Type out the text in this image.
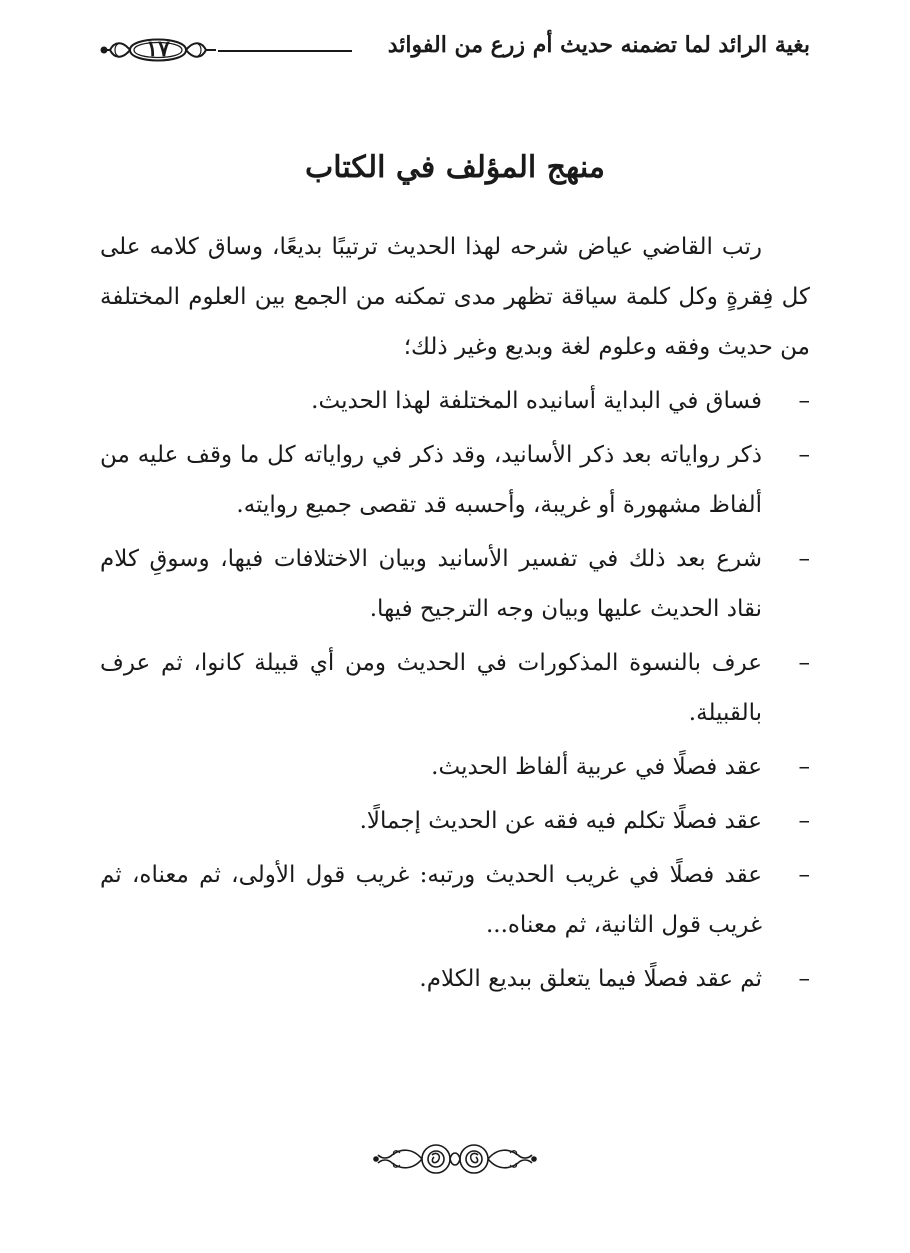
بغية الرائد لما تضمنه حديث أم زرع من الفوائد
١٧
منهج المؤلف في الكتاب

رتب القاضي عياض شرحه لهذا الحديث ترتيبًا بديعًا، وساق كلامه على كل فِقرةٍ وكل كلمة سياقة تظهر مدى تمكنه من الجمع بين العلوم المختلفة من حديث وفقه وعلوم لغة وبديع وغير ذلك؛

–
فساق في البداية أسانيده المختلفة لهذا الحديث.
–
ذكر رواياته بعد ذكر الأسانيد، وقد ذكر في رواياته كل ما وقف عليه من ألفاظ مشهورة أو غريبة، وأحسبه قد تقصى جميع روايته.
–
شرع بعد ذلك في تفسير الأسانيد وبيان الاختلافات فيها، وسوقِ كلام نقاد الحديث عليها وبيان وجه الترجيح فيها.
–
عرف بالنسوة المذكورات في الحديث ومن أي قبيلة كانوا، ثم عرف بالقبيلة.
–
عقد فصلًا في عربية ألفاظ الحديث.
–
عقد فصلًا تكلم فيه فقه عن الحديث إجمالًا.
–
عقد فصلًا في غريب الحديث ورتبه: غريب قول الأولى، ثم معناه، ثم غريب قول الثانية، ثم معناه...
–
ثم عقد فصلًا فيما يتعلق ببديع الكلام.
